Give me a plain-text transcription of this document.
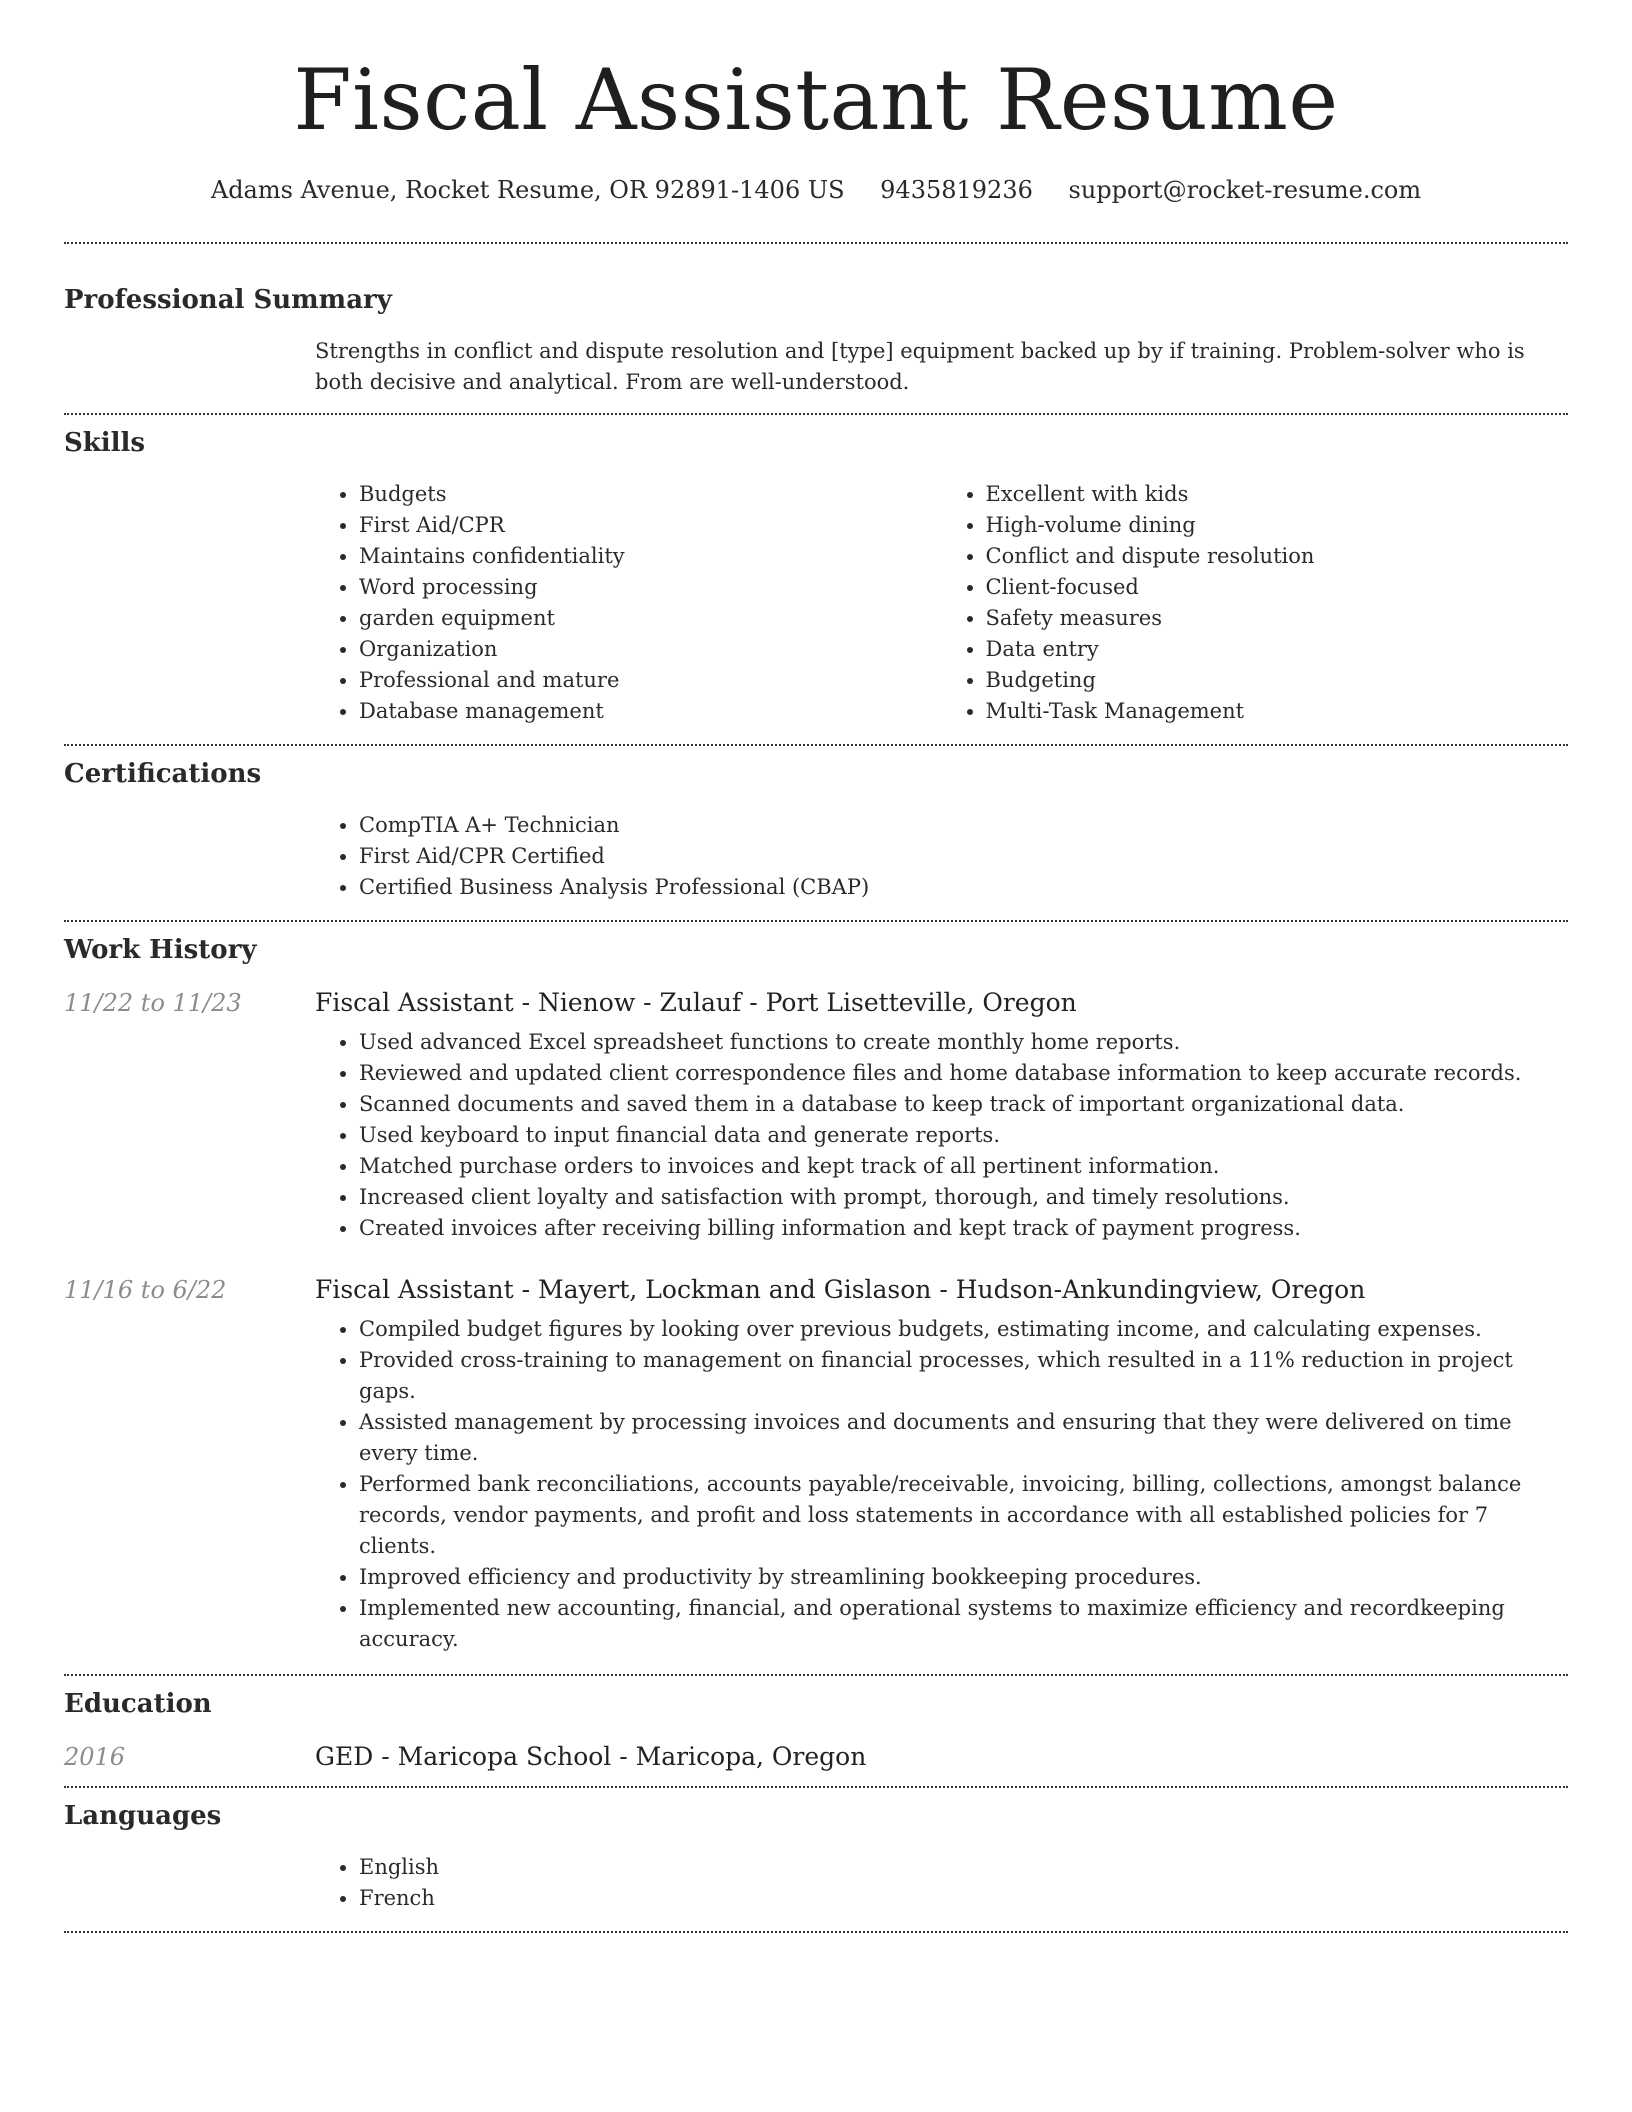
Fiscal Assistant Resume
Adams Avenue, Rocket Resume, OR 92891-1406 US 9435819236 support@rocket-resume.com
Professional Summary
Strengths in conflict and dispute resolution and [type] equipment backed up by if training. Problem-solver who is both decisive and analytical. From are well-understood.
Skills
• Budgets
• First Aid/CPR
• Maintains confidentiality
• Word processing
• garden equipment
• Organization
• Professional and mature
• Database management
• Excellent with kids
• High-volume dining
• Conflict and dispute resolution
• Client-focused
• Safety measures
• Data entry
• Budgeting
• Multi-Task Management
Certifications
• CompTIA A+ Technician
• First Aid/CPR Certified
• Certified Business Analysis Professional (CBAP)
Work History
11/22 to 11/23	Fiscal Assistant - Nienow - Zulauf - Port Lisetteville, Oregon
• Used advanced Excel spreadsheet functions to create monthly home reports.
• Reviewed and updated client correspondence files and home database information to keep accurate records.
• Scanned documents and saved them in a database to keep track of important organizational data.
• Used keyboard to input financial data and generate reports.
• Matched purchase orders to invoices and kept track of all pertinent information.
• Increased client loyalty and satisfaction with prompt, thorough, and timely resolutions.
• Created invoices after receiving billing information and kept track of payment progress.
11/16 to 6/22	Fiscal Assistant - Mayert, Lockman and Gislason - Hudson-Ankundingview, Oregon
• Compiled budget figures by looking over previous budgets, estimating income, and calculating expenses.
• Provided cross-training to management on financial processes, which resulted in a 11% reduction in project gaps.
• Assisted management by processing invoices and documents and ensuring that they were delivered on time every time.
• Performed bank reconciliations, accounts payable/receivable, invoicing, billing, collections, amongst balance records, vendor payments, and profit and loss statements in accordance with all established policies for 7 clients.
• Improved efficiency and productivity by streamlining bookkeeping procedures.
• Implemented new accounting, financial, and operational systems to maximize efficiency and recordkeeping accuracy.
Education
2016	GED - Maricopa School - Maricopa, Oregon
Languages
• English
• French
